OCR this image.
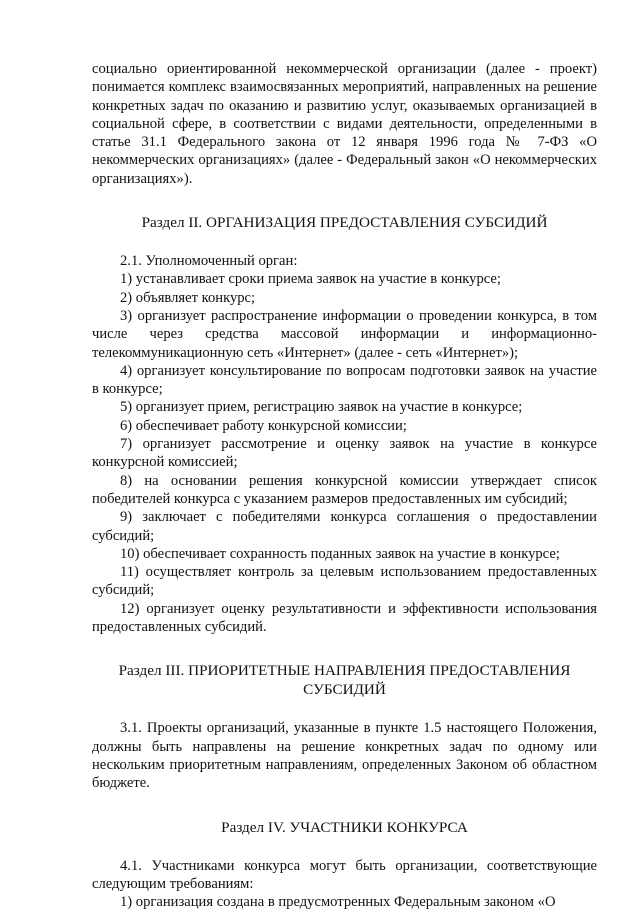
социально ориентированной некоммерческой организации (далее - проект) понимается комплекс взаимосвязанных мероприятий, направленных на решение конкретных задач по оказанию и развитию услуг, оказываемых организацией в социальной сфере, в соответствии с видами деятельности, определенными в статье 31.1 Федерального закона от 12 января 1996 года № 7-ФЗ «О некоммерческих организациях» (далее - Федеральный закон «О некоммерческих организациях»).

Раздел II. ОРГАНИЗАЦИЯ ПРЕДОСТАВЛЕНИЯ СУБСИДИЙ

2.1. Уполномоченный орган:

1) устанавливает сроки приема заявок на участие в конкурсе;

2) объявляет конкурс;

3) организует распространение информации о проведении конкурса, в том числе через средства массовой информации и информационно-телекоммуникационную сеть «Интернет» (далее - сеть «Интернет»);

4) организует консультирование по вопросам подготовки заявок на участие в конкурсе;

5) организует прием, регистрацию заявок на участие в конкурсе;

6) обеспечивает работу конкурсной комиссии;

7) организует рассмотрение и оценку заявок на участие в конкурсе конкурсной комиссией;

8) на основании решения конкурсной комиссии утверждает список победителей конкурса с указанием размеров предоставленных им субсидий;

9) заключает с победителями конкурса соглашения о предоставлении субсидий;

10) обеспечивает сохранность поданных заявок на участие в конкурсе;

11) осуществляет контроль за целевым использованием предоставленных субсидий;

12) организует оценку результативности и эффективности использования предоставленных субсидий.

Раздел III. ПРИОРИТЕТНЫЕ НАПРАВЛЕНИЯ ПРЕДОСТАВЛЕНИЯ СУБСИДИЙ

3.1. Проекты организаций, указанные в пункте 1.5 настоящего Положения, должны быть направлены на решение конкретных задач по одному или нескольким приоритетным направлениям, определенных Законом об областном бюджете.

Раздел IV. УЧАСТНИКИ КОНКУРСА

4.1. Участниками конкурса могут быть организации, соответствующие следующим требованиям:

1) организация создана в предусмотренных Федеральным законом «О
